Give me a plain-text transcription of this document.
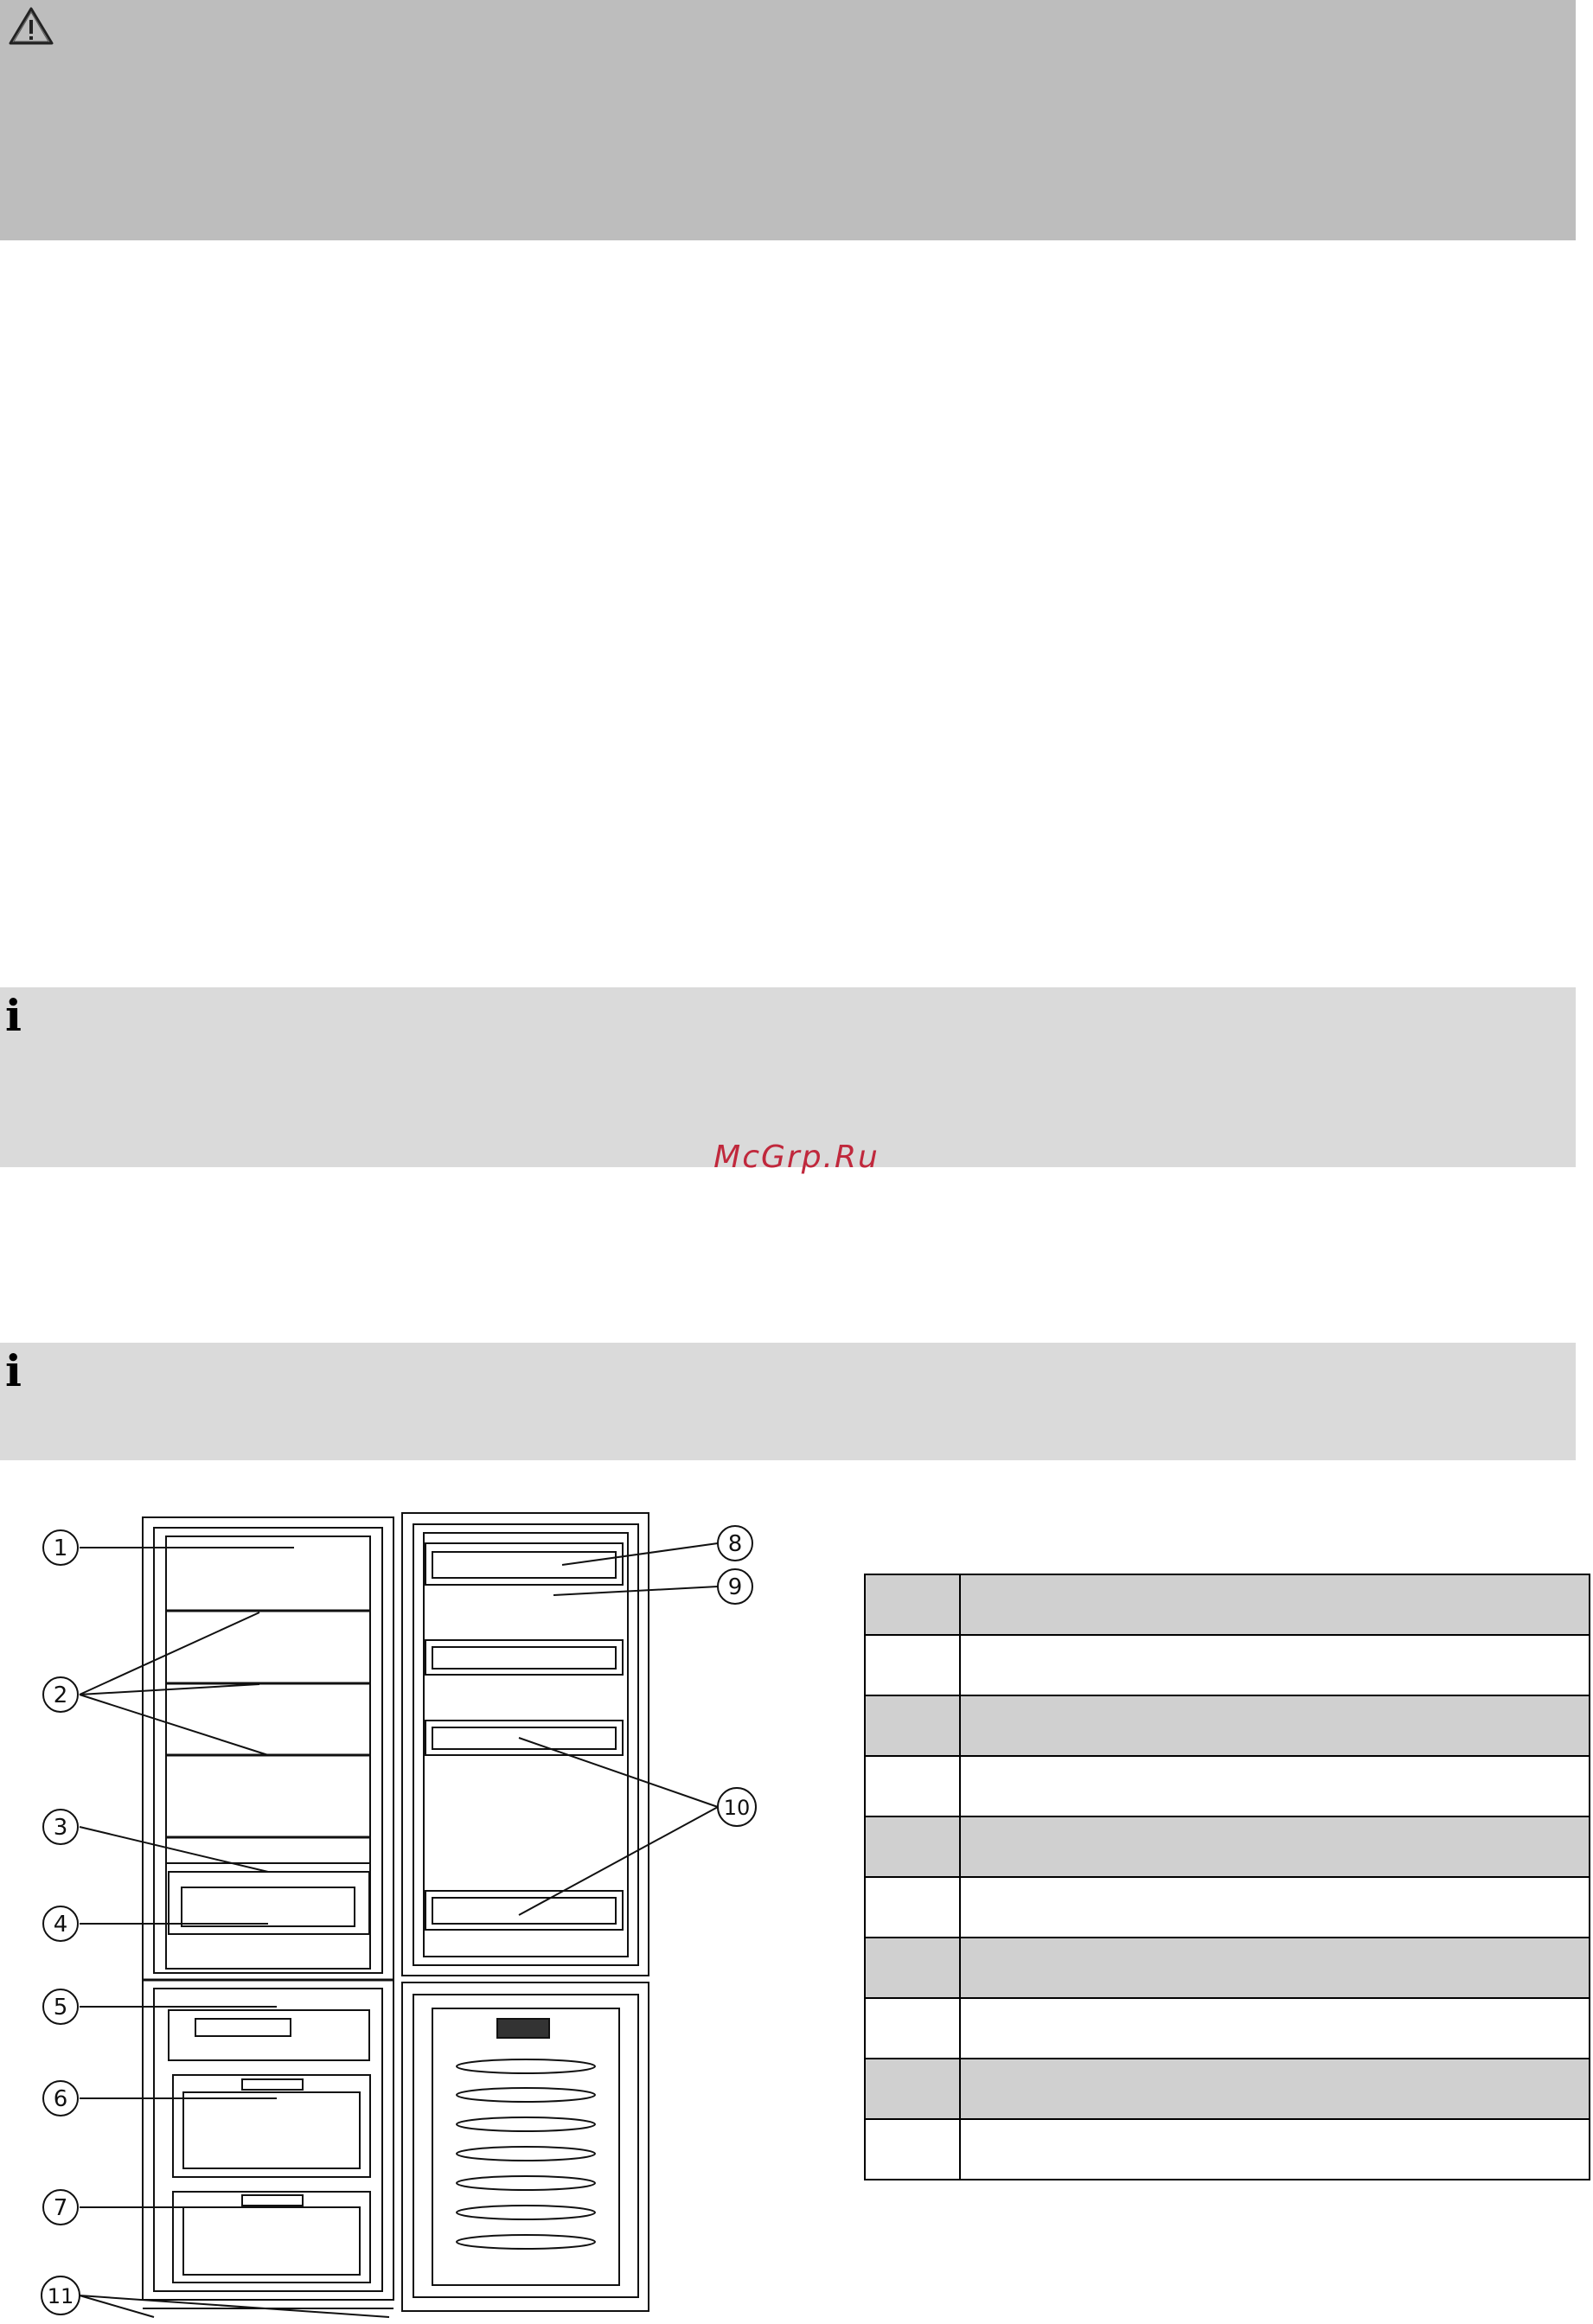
i
McGrp.Ru
i
1
2
3
4
5
6
7
8
9
10
11
